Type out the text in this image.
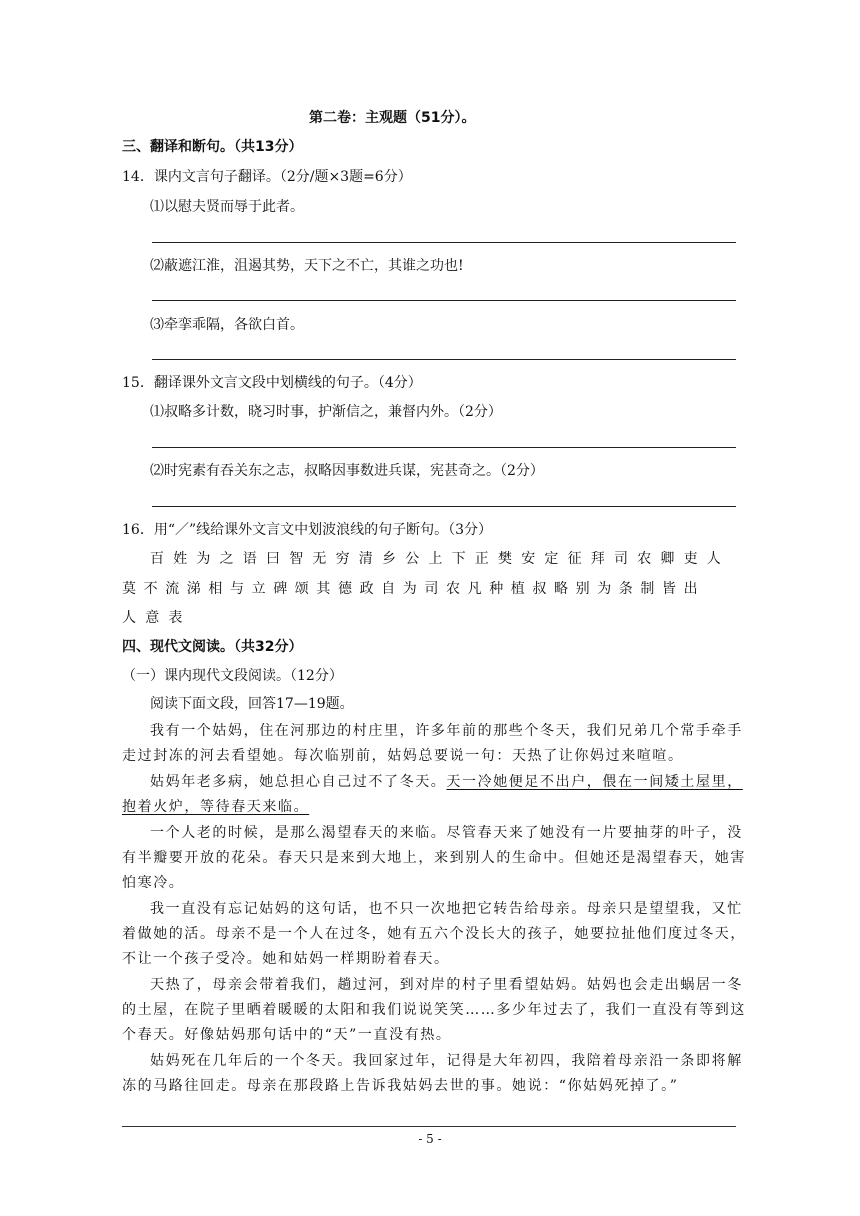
第二卷：主观题（51分）。
三、翻译和断句。（共13分）
14．课内文言句子翻译。（2分/题×3题=6分）
⑴以慰夫贤而辱于此者。
⑵蔽遮江淮，沮遏其势，天下之不亡，其谁之功也!
⑶牵挛乖隔，各欲白首。
15．翻译课外文言文段中划横线的句子。（4分）
⑴叔略多计数，晓习时事，护渐信之，兼督内外。（2分）
⑵时宪素有吞关东之志，叔略因事数进兵谋，宪甚奇之。（2分）
16．用“／”线给课外文言文中划波浪线的句子断句。（3分）
百姓为之语曰智无穷清乡公上下正樊安定征拜司农卿吏人
莫不流涕相与立碑颂其德政自为司农凡种植叔略别为条制皆出
人意表
四、现代文阅读。（共32分）
（一）课内现代文段阅读。（12分）
阅读下面文段，回答17—19题。
我有一个姑妈，住在河那边的村庄里，许多年前的那些个冬天，我们兄弟几个常手牵手
走过封冻的河去看望她。每次临别前，姑妈总要说一句：天热了让你妈过来喧喧。
姑妈年老多病，她总担心自己过不了冬天。天一冷她便足不出户，偎在一间矮土屋里，
抱着火炉，等待春天来临。
一个人老的时候，是那么渴望春天的来临。尽管春天来了她没有一片要抽芽的叶子，没
有半瓣要开放的花朵。春天只是来到大地上，来到别人的生命中。但她还是渴望春天，她害
怕寒冷。
我一直没有忘记姑妈的这句话，也不只一次地把它转告给母亲。母亲只是望望我，又忙
着做她的活。母亲不是一个人在过冬，她有五六个没长大的孩子，她要拉扯他们度过冬天，
不让一个孩子受冷。她和姑妈一样期盼着春天。
天热了，母亲会带着我们，趟过河，到对岸的村子里看望姑妈。姑妈也会走出蜗居一冬
的土屋，在院子里晒着暖暖的太阳和我们说说笑笑……多少年过去了，我们一直没有等到这
个春天。好像姑妈那句话中的“天”一直没有热。
姑妈死在几年后的一个冬天。我回家过年，记得是大年初四，我陪着母亲沿一条即将解
冻的马路往回走。母亲在那段路上告诉我姑妈去世的事。她说：“你姑妈死掉了。”
- 5 -
